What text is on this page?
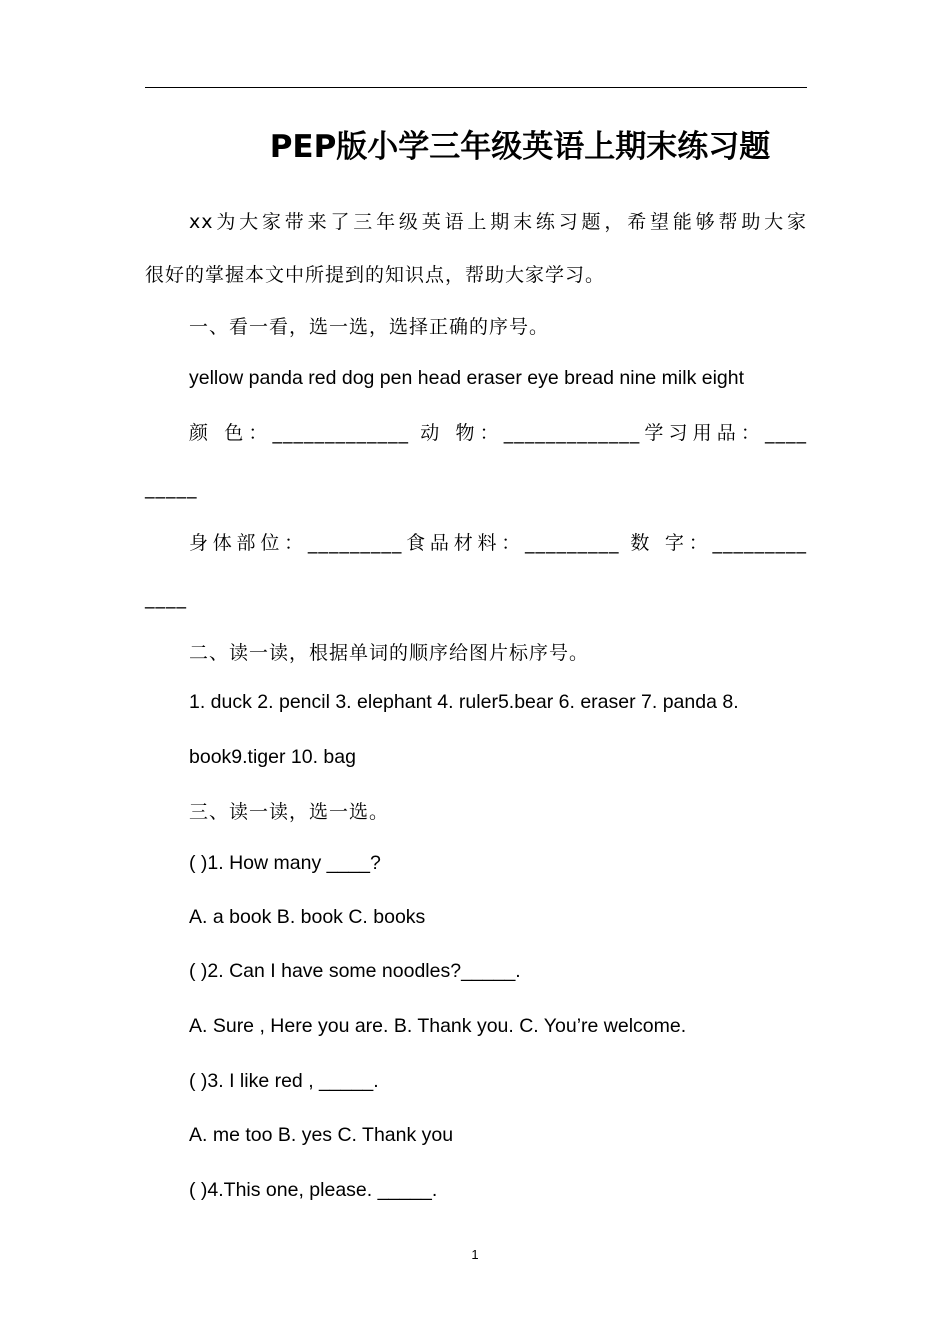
PEP版小学三年级英语上期末练习题
xx为大家带来了三年级英语上期末练习题，希望能够帮助大家
很好的掌握本文中所提到的知识点，帮助大家学习。
一、看一看，选一选，选择正确的序号。
yellow panda red dog pen head eraser eye bread nine milk eight
颜 色：_____________ 动 物：_____________学习用品：____
_____
身体部位：_________食品材料：_________ 数 字：_________
____
二、读一读，根据单词的顺序给图片标序号。
1. duck 2. pencil 3. elephant 4. ruler5.bear 6. eraser 7. panda 8.
book9.tiger 10. bag
三、读一读，选一选。
( )1. How many ____?
A. a book B. book C. books
( )2. Can I have some noodles?_____.
A. Sure , Here you are. B. Thank you. C. You’re welcome.
( )3. I like red , _____.
A. me too B. yes C. Thank you
( )4.This one, please. _____.
1
